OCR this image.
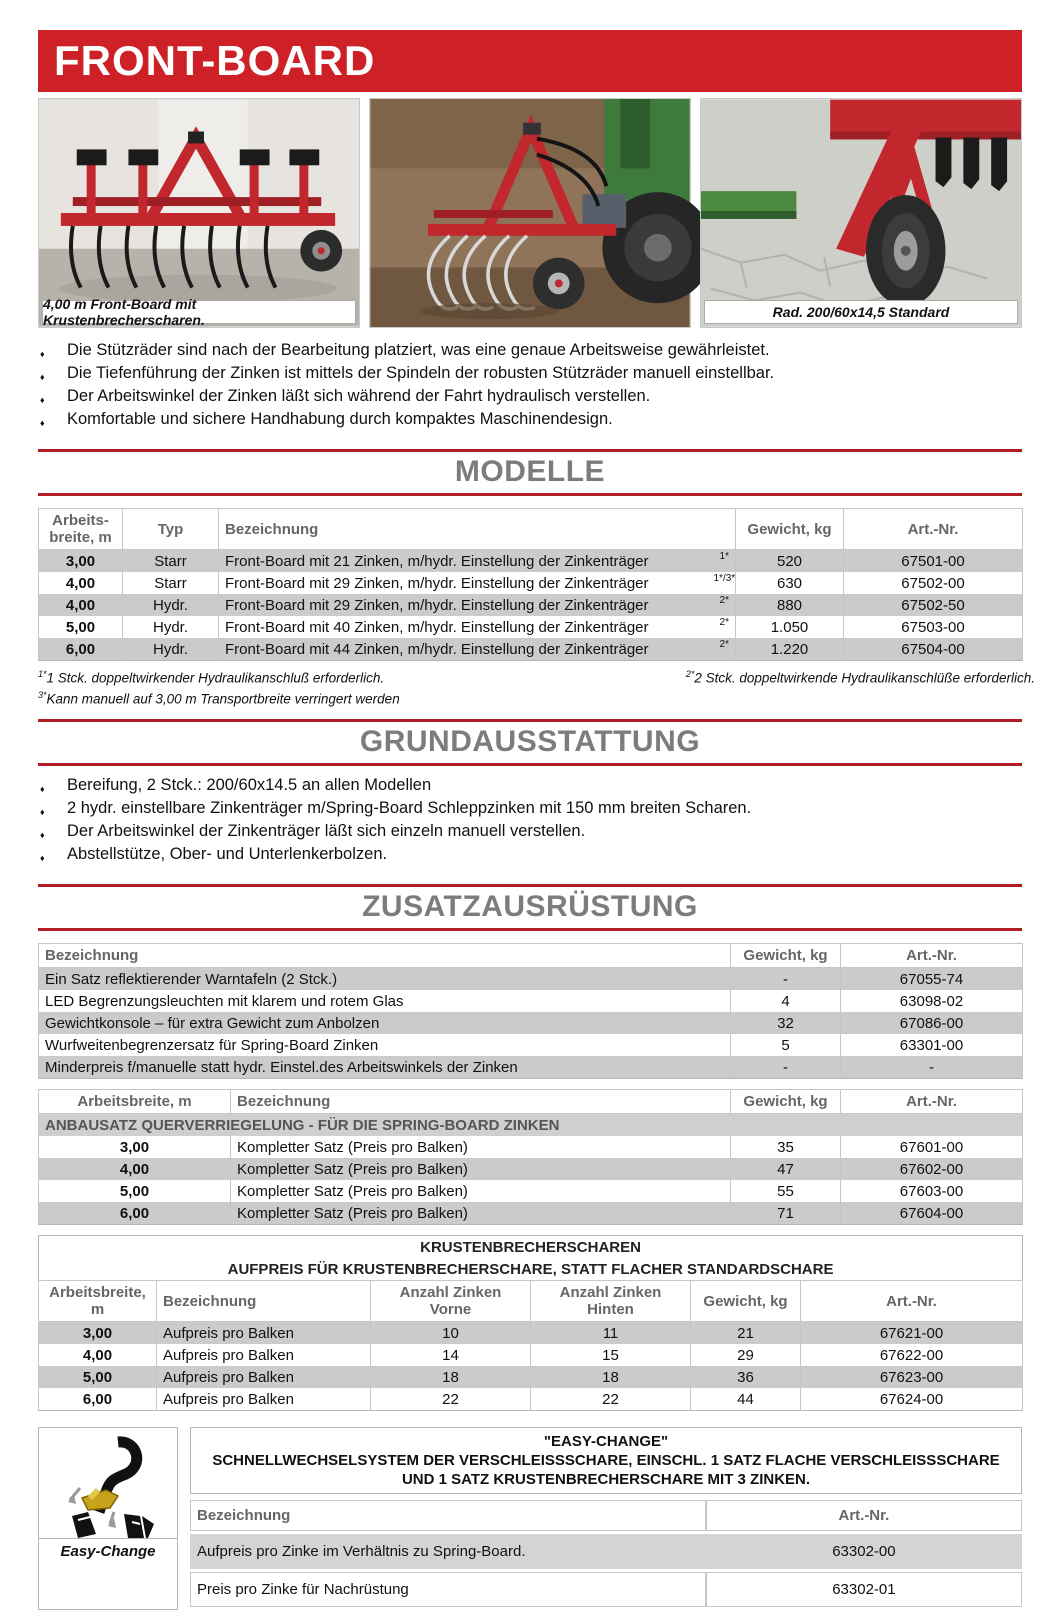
FRONT-BOARD
4,00 m Front-Board mit Krustenbrecherscharen.	Rad. 200/60x14,5 Standard
♦	Die Stützräder sind nach der Bearbeitung platziert, was eine genaue Arbeitsweise gewährleistet.
♦	Die Tiefenführung der Zinken ist mittels der Spindeln der robusten Stützräder manuell einstellbar.
♦	Der Arbeitswinkel der Zinken läßt sich während der Fahrt hydraulisch verstellen.
♦	Komfortable und sichere Handhabung durch kompaktes Maschinendesign.
MODELLE
Arbeits-
breite, m	Typ	Bezeichnung		Gewicht, kg	Art.-Nr.
3,00	Starr	Front-Board mit 21 Zinken, m/hydr. Einstellung der Zinkenträger	1*	520	67501-00
4,00	Starr	Front-Board mit 29 Zinken, m/hydr. Einstellung der Zinkenträger	1*/3*	630	67502-00
4,00	Hydr.	Front-Board mit 29 Zinken, m/hydr. Einstellung der Zinkenträger	2*	880	67502-50
5,00	Hydr.	Front-Board mit 40 Zinken, m/hydr. Einstellung der Zinkenträger	2*	1.050	67503-00
6,00	Hydr.	Front-Board mit 44 Zinken, m/hydr. Einstellung der Zinkenträger	2*	1.220	67504-00
$^{1*}$1 Stck. doppeltwirkender Hydraulikanschluß erforderlich.
$^{3*}$Kann manuell auf 3,00 m Transportbreite verringert werden
$^{2*}$2 Stck. doppeltwirkende Hydraulikanschlüße erforderlich.
GRUNDAUSSTATTUNG
♦	Bereifung, 2 Stck.: 200/60x14.5 an allen Modellen
♦	2 hydr. einstellbare Zinkenträger m/Spring-Board Schleppzinken mit 150 mm breiten Scharen.
♦	Der Arbeitswinkel der Zinkenträger läßt sich einzeln manuell verstellen.
♦	Abstellstütze, Ober- und Unterlenkerbolzen.
ZUSATZAUSRÜSTUNG
Bezeichnung	Gewicht, kg	Art.-Nr.
Ein Satz reflektierender Warntafeln (2 Stck.)	-	67055-74
LED Begrenzungsleuchten mit klarem und rotem Glas	4	63098-02
Gewichtkonsole – für extra Gewicht zum Anbolzen	32	67086-00
Wurfweitenbegrenzersatz für Spring-Board Zinken	5	63301-00
Minderpreis f/manuelle statt hydr. Einstel.des Arbeitswinkels der Zinken	-	-
Arbeitsbreite, m	Bezeichnung	Gewicht, kg	Art.-Nr.
ANBAUSATZ QUERVERRIEGELUNG - FÜR DIE SPRING-BOARD ZINKEN			
3,00	Kompletter Satz (Preis pro Balken)	35	67601-00
4,00	Kompletter Satz (Preis pro Balken)	47	67602-00
5,00	Kompletter Satz (Preis pro Balken)	55	67603-00
6,00	Kompletter Satz (Preis pro Balken)	71	67604-00
KRUSTENBRECHERSCHAREN					
AUFPREIS FÜR KRUSTENBRECHERSCHARE, STATT FLACHER STANDARDSCHARE					
Arbeitsbreite, m	Bezeichnung	Anzahl Zinken Vorne	Anzahl Zinken Hinten	Gewicht, kg	Art.-Nr.
3,00	Aufpreis pro Balken	10	11	21	67621-00
4,00	Aufpreis pro Balken	14	15	29	67622-00
5,00	Aufpreis pro Balken	18	18	36	67623-00
6,00	Aufpreis pro Balken	22	22	44	67624-00
Easy-Change
"EASY-CHANGE"
SCHNELLWECHSELSYSTEM DER VERSCHLEISSSCHARE, EINSCHL. 1 SATZ FLACHE VERSCHLEISSSCHARE
UND 1 SATZ KRUSTENBRECHERSCHARE MIT 3 ZINKEN.
Bezeichnung	Art.-Nr.
Aufpreis pro Zinke im Verhältnis zu Spring-Board.	63302-00
Preis pro Zinke für Nachrüstung	63302-01
